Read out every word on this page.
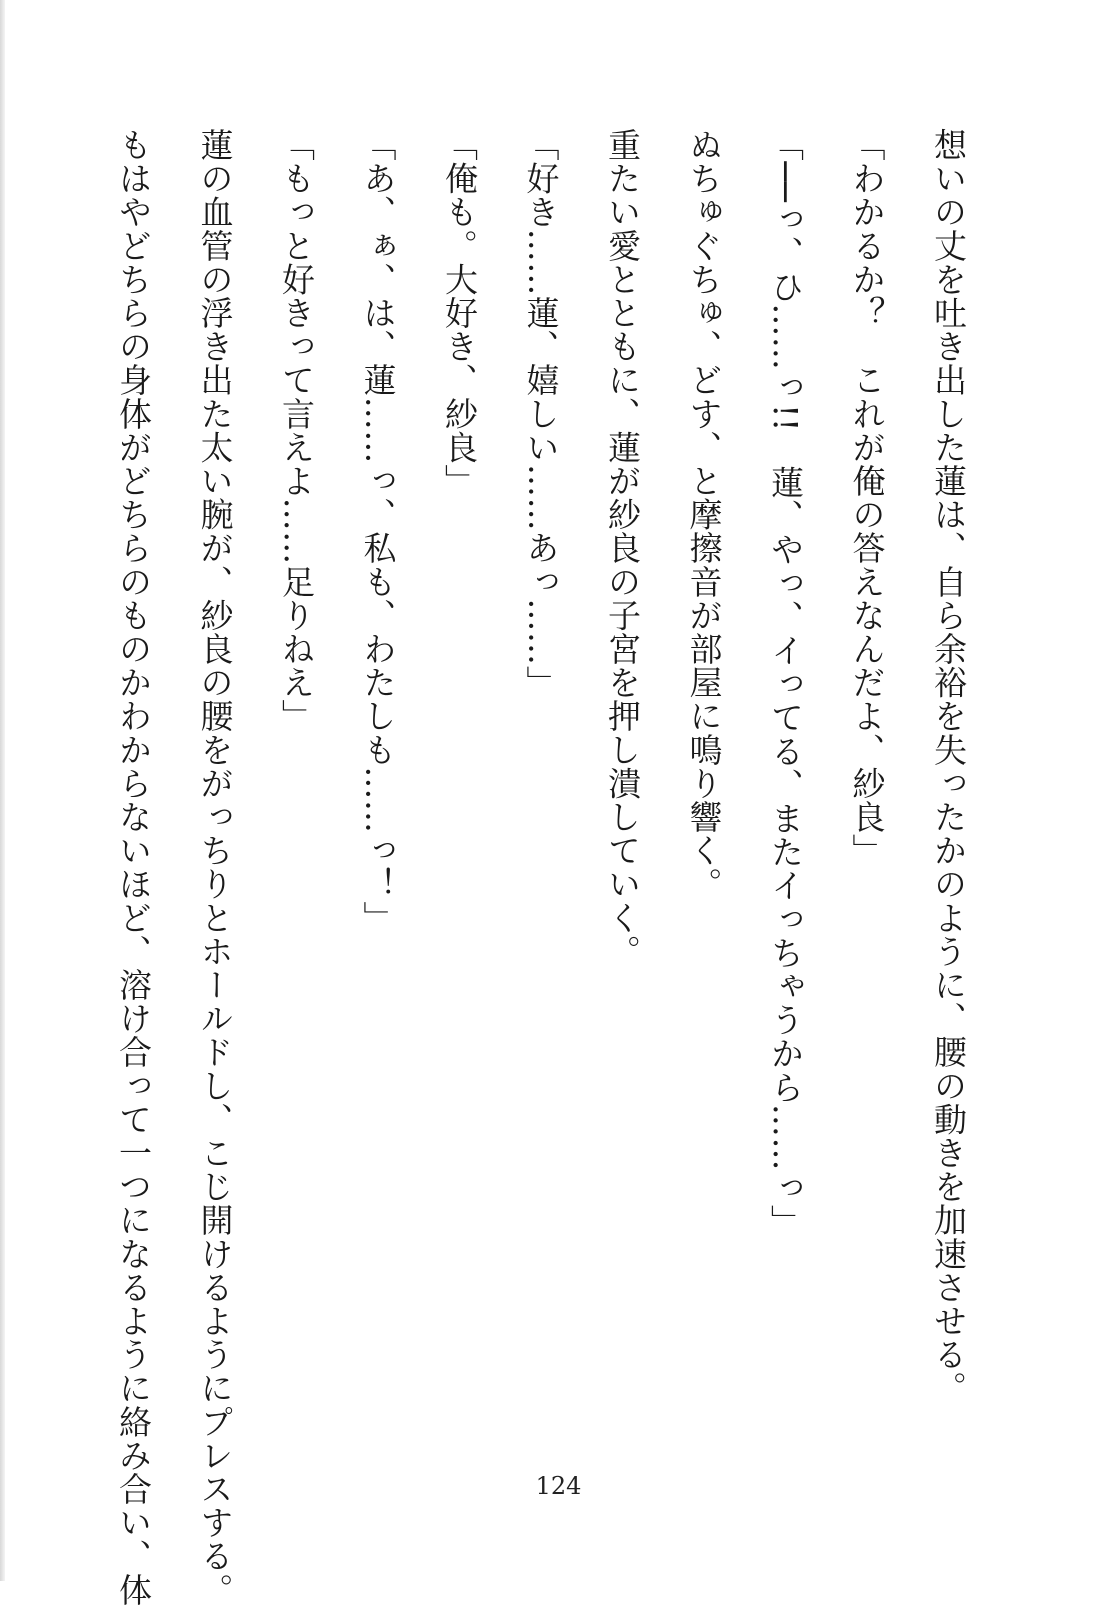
想いの丈を吐き出した蓮は、自ら余裕を失ったかのように、腰の動きを加速させる。
「わかるか？　これが俺の答えなんだよ、紗良」
「──っ、ひ……っ!!　蓮、やっ、イってる、またイっちゃうから……っ」
ぬちゅぐちゅ、どす、と摩擦音が部屋に鳴り響く。
重たい愛とともに、蓮が紗良の子宮を押し潰していく。
「好き……蓮、嬉しい……あっ……」
「俺も。大好き、紗良」
「あ、ぁ、は、蓮……っ、私も、わたしも……っ！」
「もっと好きって言えよ……足りねえ」
蓮の血管の浮き出た太い腕が、紗良の腰をがっちりとホールドし、こじ開けるようにプレスする。
もはやどちらの身体がどちらのものかわからないほど、溶け合って一つになるように絡み合い、体	124
